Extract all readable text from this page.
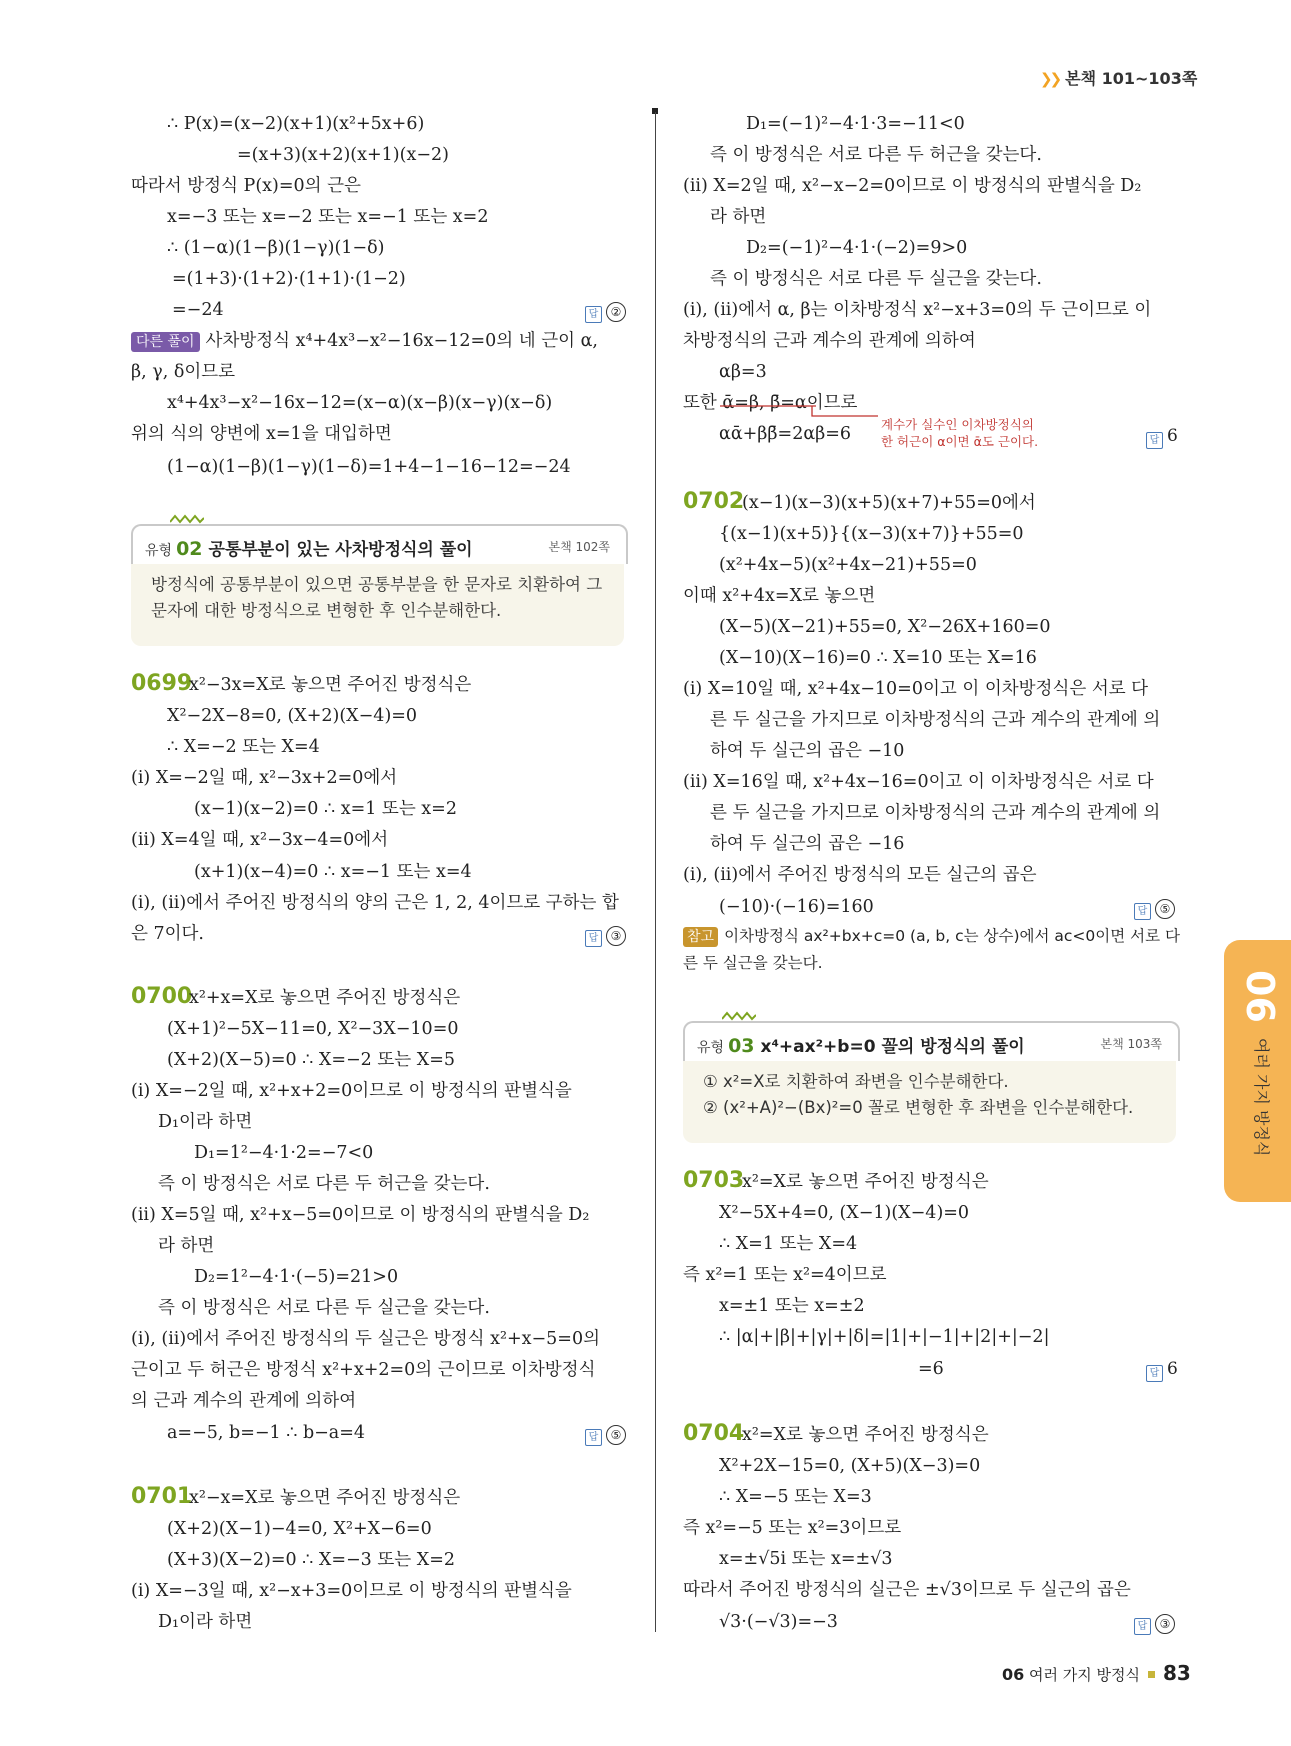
❯❯ 본책 101~103쪽
∴ P(x)=(x−2)(x+1)(x²+5x+6)
=(x+3)(x+2)(x+1)(x−2)
따라서 방정식 P(x)=0의 근은
x=−3 또는 x=−2 또는 x=−1 또는 x=2
∴ (1−α)(1−β)(1−γ)(1−δ)
=(1+3)·(1+2)·(1+1)·(1−2)
=−24	답 ②
다른 풀이 사차방정식 x⁴+4x³−x²−16x−12=0의 네 근이 α,
β, γ, δ이므로
x⁴+4x³−x²−16x−12=(x−α)(x−β)(x−γ)(x−δ)
위의 식의 양변에 x=1을 대입하면
(1−α)(1−β)(1−γ)(1−δ)=1+4−1−16−12=−24
유형 02 공통부분이 있는 사차방정식의 풀이	본책 102쪽
방정식에 공통부분이 있으면 공통부분을 한 문자로 치환하여 그
문자에 대한 방정식으로 변형한 후 인수분해한다.
0699
x²−3x=X로 놓으면 주어진 방정식은
X²−2X−8=0, (X+2)(X−4)=0
∴ X=−2 또는 X=4
(i) X=−2일 때, x²−3x+2=0에서
(x−1)(x−2)=0 ∴ x=1 또는 x=2
(ii) X=4일 때, x²−3x−4=0에서
(x+1)(x−4)=0 ∴ x=−1 또는 x=4
(i), (ii)에서 주어진 방정식의 양의 근은 1, 2, 4이므로 구하는 합
은 7이다.	답 ③
0700
x²+x=X로 놓으면 주어진 방정식은
(X+1)²−5X−11=0, X²−3X−10=0
(X+2)(X−5)=0 ∴ X=−2 또는 X=5
(i) X=−2일 때, x²+x+2=0이므로 이 방정식의 판별식을
D₁이라 하면
D₁=1²−4·1·2=−7<0
즉 이 방정식은 서로 다른 두 허근을 갖는다.
(ii) X=5일 때, x²+x−5=0이므로 이 방정식의 판별식을 D₂
라 하면
D₂=1²−4·1·(−5)=21>0
즉 이 방정식은 서로 다른 두 실근을 갖는다.
(i), (ii)에서 주어진 방정식의 두 실근은 방정식 x²+x−5=0의
근이고 두 허근은 방정식 x²+x+2=0의 근이므로 이차방정식
의 근과 계수의 관계에 의하여
a=−5, b=−1 ∴ b−a=4	답 ⑤
0701
x²−x=X로 놓으면 주어진 방정식은
(X+2)(X−1)−4=0, X²+X−6=0
(X+3)(X−2)=0 ∴ X=−3 또는 X=2
(i) X=−3일 때, x²−x+3=0이므로 이 방정식의 판별식을
D₁이라 하면
D₁=(−1)²−4·1·3=−11<0
즉 이 방정식은 서로 다른 두 허근을 갖는다.
(ii) X=2일 때, x²−x−2=0이므로 이 방정식의 판별식을 D₂
라 하면
D₂=(−1)²−4·1·(−2)=9>0
즉 이 방정식은 서로 다른 두 실근을 갖는다.
(i), (ii)에서 α, β는 이차방정식 x²−x+3=0의 두 근이므로 이
차방정식의 근과 계수의 관계에 의하여
αβ=3
또한 ᾱ=β, β̄=α이므로
αᾱ+ββ̄=2αβ=6 계수가 실수인 이차방정식의
한 허근이 α이면 ᾱ도 근이다.	답 6
0702
(x−1)(x−3)(x+5)(x+7)+55=0에서
{(x−1)(x+5)}{(x−3)(x+7)}+55=0
(x²+4x−5)(x²+4x−21)+55=0
이때 x²+4x=X로 놓으면
(X−5)(X−21)+55=0, X²−26X+160=0
(X−10)(X−16)=0 ∴ X=10 또는 X=16
(i) X=10일 때, x²+4x−10=0이고 이 이차방정식은 서로 다
른 두 실근을 가지므로 이차방정식의 근과 계수의 관계에 의
하여 두 실근의 곱은 −10
(ii) X=16일 때, x²+4x−16=0이고 이 이차방정식은 서로 다
른 두 실근을 가지므로 이차방정식의 근과 계수의 관계에 의
하여 두 실근의 곱은 −16
(i), (ii)에서 주어진 방정식의 모든 실근의 곱은
(−10)·(−16)=160	답 ⑤
참고 이차방정식 ax²+bx+c=0 (a, b, c는 상수)에서 ac<0이면 서로 다
른 두 실근을 갖는다.
유형 03 x⁴+ax²+b=0 꼴의 방정식의 풀이	본책 103쪽
① x²=X로 치환하여 좌변을 인수분해한다.
② (x²+A)²−(Bx)²=0 꼴로 변형한 후 좌변을 인수분해한다.
0703
x²=X로 놓으면 주어진 방정식은
X²−5X+4=0, (X−1)(X−4)=0
∴ X=1 또는 X=4
즉 x²=1 또는 x²=4이므로
x=±1 또는 x=±2
∴ |α|+|β|+|γ|+|δ|=|1|+|−1|+|2|+|−2|
=6	답 6
0704
x²=X로 놓으면 주어진 방정식은
X²+2X−15=0, (X+5)(X−3)=0
∴ X=−5 또는 X=3
즉 x²=−5 또는 x²=3이므로
x=±√5i 또는 x=±√3
따라서 주어진 방정식의 실근은 ±√3이므로 두 실근의 곱은
√3·(−√3)=−3	답 ③
06
여러 가지 방정식
06 여러 가지 방정식 83
